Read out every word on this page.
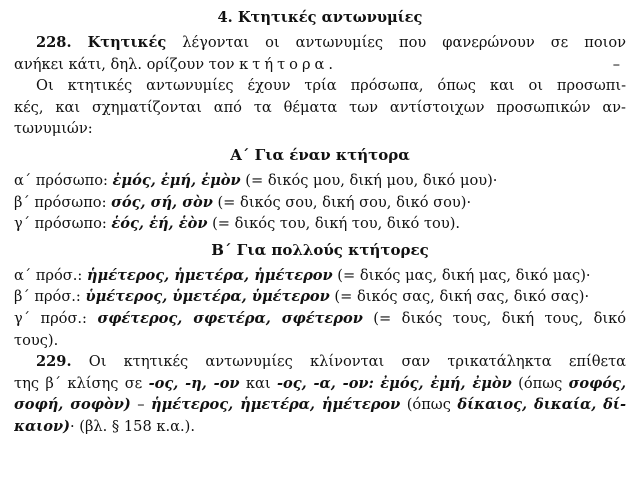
4. Κτητικές αντωνυμίες
228. Κτητικές λέγονται οι αντωνυμίες που φανερώνουν σε ποιον
ανήκει κάτι, δηλ. ορίζουν τον κτήτορα.	–
Οι κτητικές αντωνυμίες έχουν τρία πρόσωπα, όπως και οι προσωπι-
κές, και σχηματίζονται από τα θέματα των αντίστοιχων προσωπικών αν-
τωνυμιών:
Α΄ Για έναν κτήτορα
α΄ πρόσωπο: ἐμός, ἐμή, ἐμὸν (= δικός μου, δική μου, δικό μου)·
β΄ πρόσωπο: σός, σή, σὸν (= δικός σου, δική σου, δικό σου)·
γ΄ πρόσωπο: ἑός, ἑή, ἑὸν (= δικός του, δική του, δικό του).
Β΄ Για πολλούς κτήτορες
α΄ πρόσ.: ἡμέτερος, ἡμετέρα, ἡμέτερον (= δικός μας, δική μας, δικό μας)·
β΄ πρόσ.: ὑμέτερος, ὑμετέρα, ὑμέτερον (= δικός σας, δική σας, δικό σας)·
γ΄ πρόσ.: σφέτερος, σφετέρα, σφέτερον (= δικός τους, δική τους, δικό
τους).
229. Οι κτητικές αντωνυμίες κλίνονται σαν τρικατάληκτα επίθετα
της β΄ κλίσης σε -ος, -η, -ον και -ος, -α, -ον: ἐμός, ἐμή, ἐμὸν (όπως σοφός,
σοφή, σοφὸν) – ἡμέτερος, ἡμετέρα, ἡμέτερον (όπως δίκαιος, δικαία, δί-
καιον)· (βλ. § 158 κ.α.).
